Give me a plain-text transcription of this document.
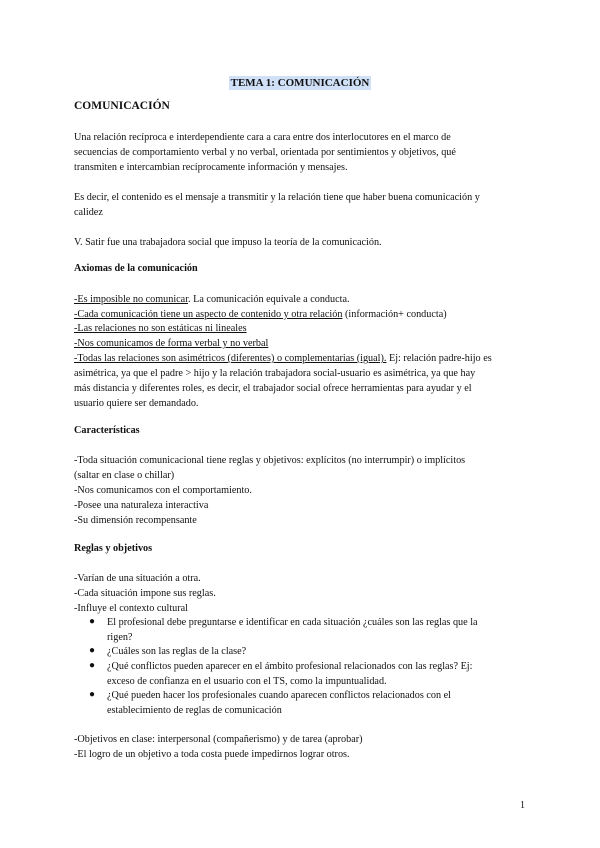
TEMA 1: COMUNICACIÓN
COMUNICACIÓN
Una relación recíproca e interdependiente cara a cara entre dos interlocutores en el marco de
secuencias de comportamiento verbal y no verbal, orientada por sentimientos y objetivos, qué
transmiten e intercambian recíprocamente información y mensajes.
Es decir, el contenido es el mensaje a transmitir y la relación tiene que haber buena comunicación y
calidez
V. Satir fue una trabajadora social que impuso la teoría de la comunicación.
Axiomas de la comunicación
-Es imposible no comunicar. La comunicación equivale a conducta.
-Cada comunicación tiene un aspecto de contenido y otra relación (información+ conducta)
-Las relaciones no son estáticas ni lineales
-Nos comunicamos de forma verbal y no verbal
-Todas las relaciones son asimétricos (diferentes) o complementarias (igual). Ej: relación padre-hijo es
asimétrica, ya que el padre > hijo y la relación trabajadora social-usuario es asimétrica, ya que hay
más distancia y diferentes roles, es decir, el trabajador social ofrece herramientas para ayudar y el
usuario quiere ser demandado.
Características
-Toda situación comunicacional tiene reglas y objetivos: explícitos (no interrumpir) o implícitos
(saltar en clase o chillar)
-Nos comunicamos con el comportamiento.
-Posee una naturaleza interactiva
-Su dimensión recompensante
Reglas y objetivos
-Varían de una situación a otra.
-Cada situación impone sus reglas.
-Influye el contexto cultural
● El profesional debe preguntarse e identificar en cada situación ¿cuáles son las reglas que la
rigen?
● ¿Cuáles son las reglas de la clase?
● ¿Qué conflictos pueden aparecer en el ámbito profesional relacionados con las reglas? Ej:
exceso de confianza en el usuario con el TS, como la impuntualidad.
● ¿Qué pueden hacer los profesionales cuando aparecen conflictos relacionados con el
establecimiento de reglas de comunicación
-Objetivos en clase: interpersonal (compañerismo) y de tarea (aprobar)
-El logro de un objetivo a toda costa puede impedirnos lograr otros.
1
